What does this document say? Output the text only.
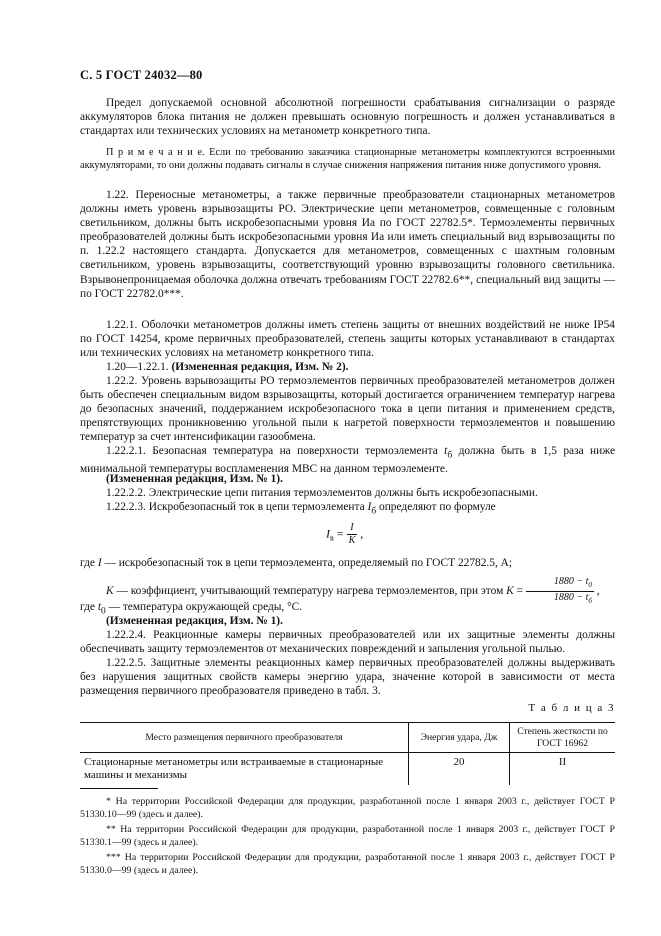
С. 5 ГОСТ 24032—80
Предел допускаемой основной абсолютной погрешности срабатывания сигнализации о разряде аккумуляторов блока питания не должен превышать основную погрешность и должен устанавливаться в стандартах или технических условиях на метанометр конкретного типа.
П р и м е ч а н и е. Если по требованию заказчика стационарные метанометры комплектуются встроенными аккумуляторами, то они должны подавать сигналы в случае снижения напряжения питания ниже допустимого уровня.
1.22. Переносные метанометры, а также первичные преобразователи стационарных метанометров должны иметь уровень взрывозащиты РО. Электрические цепи метанометров, совмещенные с головным светильником, должны быть искробезопасными уровня Иа по ГОСТ 22782.5*. Термоэлементы первичных преобразователей должны быть искробезопасными уровня Иа или иметь специальный вид взрывозащиты по п. 1.22.2 настоящего стандарта. Допускается для метанометров, совмещенных с шахтным головным светильником, уровень взрывозащиты, соответствующий уровню взрывозащиты головного светильника. Взрывонепроницаемая оболочка должна отвечать требованиям ГОСТ 22782.6**, специальный вид защиты — по ГОСТ 22782.0***.
1.22.1. Оболочки метанометров должны иметь степень защиты от внешних воздействий не ниже IP54 по ГОСТ 14254, кроме первичных преобразователей, степень защиты которых устанавливают в стандартах или технических условиях на метанометр конкретного типа.
1.20—1.22.1. (Измененная редакция, Изм. № 2).
1.22.2. Уровень взрывозащиты РО термоэлементов первичных преобразователей метанометров должен быть обеспечен специальным видом взрывозащиты, который достигается ограничением температур нагрева до безопасных значений, поддержанием искробезопасного тока в цепи питания и применением средств, препятствующих проникновению угольной пыли к нагретой поверхности термоэлементов и повышению температур за счет интенсификации газообмена.
1.22.2.1. Безопасная температура на поверхности термоэлемента $t_б$ должна быть в 1,5 раза ниже минимальной температуры воспламенения МВС на данном термоэлементе.
(Измененная редакция, Изм. № 1).
1.22.2.2. Электрические цепи питания термоэлементов должны быть искробезопасными.
1.22.2.3. Искробезопасный ток в цепи термоэлемента $I_б$ определяют по формуле
$I_в = \frac{I}{K}$ ,
где I — искробезопасный ток в цепи термоэлемента, определяемый по ГОСТ 22782.5, А;
K — коэффициент, учитывающий температуру нагрева термоэлементов, при этом $K = \frac{1880 - t_0}{1880 - t_б}$ ,
где $t_0$ — температура окружающей среды, °С.
(Измененная редакция, Изм. № 1).
1.22.2.4. Реакционные камеры первичных преобразователей или их защитные элементы должны обеспечивать защиту термоэлементов от механических повреждений и запыления угольной пылью.
1.22.2.5. Защитные элементы реакционных камер первичных преобразователей должны выдерживать без нарушения защитных свойств камеры энергию удара, значение которой в зависимости от места размещения первичного преобразователя приведено в табл. 3.
Т а б л и ц а 3
Место размещения первичного преобразователя	Энергия удара, Дж	Степень жесткости по ГОСТ 16962
Стационарные метанометры или встраиваемые в стационарные машины и механизмы	20	II
* На территории Российской Федерации для продукции, разработанной после 1 января 2003 г., действует ГОСТ Р 51330.10—99 (здесь и далее).
** На территории Российской Федерации для продукции, разработанной после 1 января 2003 г., действует ГОСТ Р 51330.1—99 (здесь и далее).
*** На территории Российской Федерации для продукции, разработанной после 1 января 2003 г., действует ГОСТ Р 51330.0—99 (здесь и далее).
